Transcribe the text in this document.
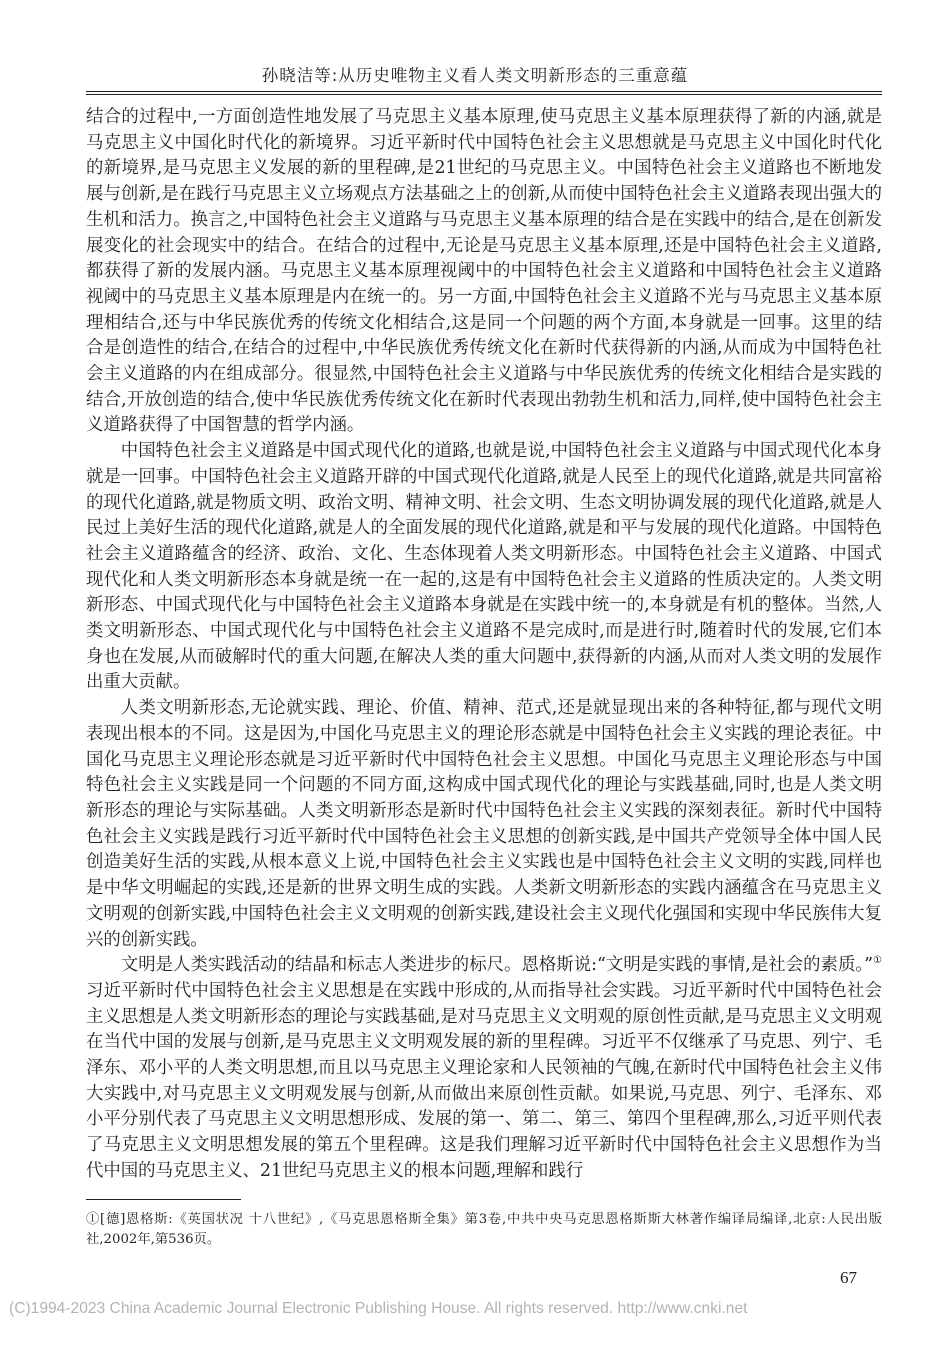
孙晓洁等:从历史唯物主义看人类文明新形态的三重意蕴

结合的过程中,一方面创造性地发展了马克思主义基本原理,使马克思主义基本原理获得了新的内涵,就是马克思主义中国化时代化的新境界。习近平新时代中国特色社会主义思想就是马克思主义中国化时代化的新境界,是马克思主义发展的新的里程碑,是21世纪的马克思主义。中国特色社会主义道路也不断地发展与创新,是在践行马克思主义立场观点方法基础之上的创新,从而使中国特色社会主义道路表现出强大的生机和活力。换言之,中国特色社会主义道路与马克思主义基本原理的结合是在实践中的结合,是在创新发展变化的社会现实中的结合。在结合的过程中,无论是马克思主义基本原理,还是中国特色社会主义道路,都获得了新的发展内涵。马克思主义基本原理视阈中的中国特色社会主义道路和中国特色社会主义道路视阈中的马克思主义基本原理是内在统一的。另一方面,中国特色社会主义道路不光与马克思主义基本原理相结合,还与中华民族优秀的传统文化相结合,这是同一个问题的两个方面,本身就是一回事。这里的结合是创造性的结合,在结合的过程中,中华民族优秀传统文化在新时代获得新的内涵,从而成为中国特色社会主义道路的内在组成部分。很显然,中国特色社会主义道路与中华民族优秀的传统文化相结合是实践的结合,开放创造的结合,使中华民族优秀传统文化在新时代表现出勃勃生机和活力,同样,使中国特色社会主义道路获得了中国智慧的哲学内涵。

中国特色社会主义道路是中国式现代化的道路,也就是说,中国特色社会主义道路与中国式现代化本身就是一回事。中国特色社会主义道路开辟的中国式现代化道路,就是人民至上的现代化道路,就是共同富裕的现代化道路,就是物质文明、政治文明、精神文明、社会文明、生态文明协调发展的现代化道路,就是人民过上美好生活的现代化道路,就是人的全面发展的现代化道路,就是和平与发展的现代化道路。中国特色社会主义道路蕴含的经济、政治、文化、生态体现着人类文明新形态。中国特色社会主义道路、中国式现代化和人类文明新形态本身就是统一在一起的,这是有中国特色社会主义道路的性质决定的。人类文明新形态、中国式现代化与中国特色社会主义道路本身就是在实践中统一的,本身就是有机的整体。当然,人类文明新形态、中国式现代化与中国特色社会主义道路不是完成时,而是进行时,随着时代的发展,它们本身也在发展,从而破解时代的重大问题,在解决人类的重大问题中,获得新的内涵,从而对人类文明的发展作出重大贡献。

人类文明新形态,无论就实践、理论、价值、精神、范式,还是就显现出来的各种特征,都与现代文明表现出根本的不同。这是因为,中国化马克思主义的理论形态就是中国特色社会主义实践的理论表征。中国化马克思主义理论形态就是习近平新时代中国特色社会主义思想。中国化马克思主义理论形态与中国特色社会主义实践是同一个问题的不同方面,这构成中国式现代化的理论与实践基础,同时,也是人类文明新形态的理论与实际基础。人类文明新形态是新时代中国特色社会主义实践的深刻表征。新时代中国特色社会主义实践是践行习近平新时代中国特色社会主义思想的创新实践,是中国共产党领导全体中国人民创造美好生活的实践,从根本意义上说,中国特色社会主义实践也是中国特色社会主义文明的实践,同样也是中华文明崛起的实践,还是新的世界文明生成的实践。人类新文明新形态的实践内涵蕴含在马克思主义文明观的创新实践,中国特色社会主义文明观的创新实践,建设社会主义现代化强国和实现中华民族伟大复兴的创新实践。

文明是人类实践活动的结晶和标志人类进步的标尺。恩格斯说:“文明是实践的事情,是社会的素质。”①习近平新时代中国特色社会主义思想是在实践中形成的,从而指导社会实践。习近平新时代中国特色社会主义思想是人类文明新形态的理论与实践基础,是对马克思主义文明观的原创性贡献,是马克思主义文明观在当代中国的发展与创新,是马克思主义文明观发展的新的里程碑。习近平不仅继承了马克思、列宁、毛泽东、邓小平的人类文明思想,而且以马克思主义理论家和人民领袖的气魄,在新时代中国特色社会主义伟大实践中,对马克思主义文明观发展与创新,从而做出来原创性贡献。如果说,马克思、列宁、毛泽东、邓小平分别代表了马克思主义文明思想形成、发展的第一、第二、第三、第四个里程碑,那么,习近平则代表了马克思主义文明思想发展的第五个里程碑。这是我们理解习近平新时代中国特色社会主义思想作为当代中国的马克思主义、21世纪马克思主义的根本问题,理解和践行

①[德]恩格斯:《英国状况 十八世纪》,《马克思恩格斯全集》第3卷,中共中央马克思恩格斯斯大林著作编译局编译,北京:人民出版社,2002年,第536页。
67
(C)1994-2023 China Academic Journal Electronic Publishing House. All rights reserved. http://www.cnki.net
